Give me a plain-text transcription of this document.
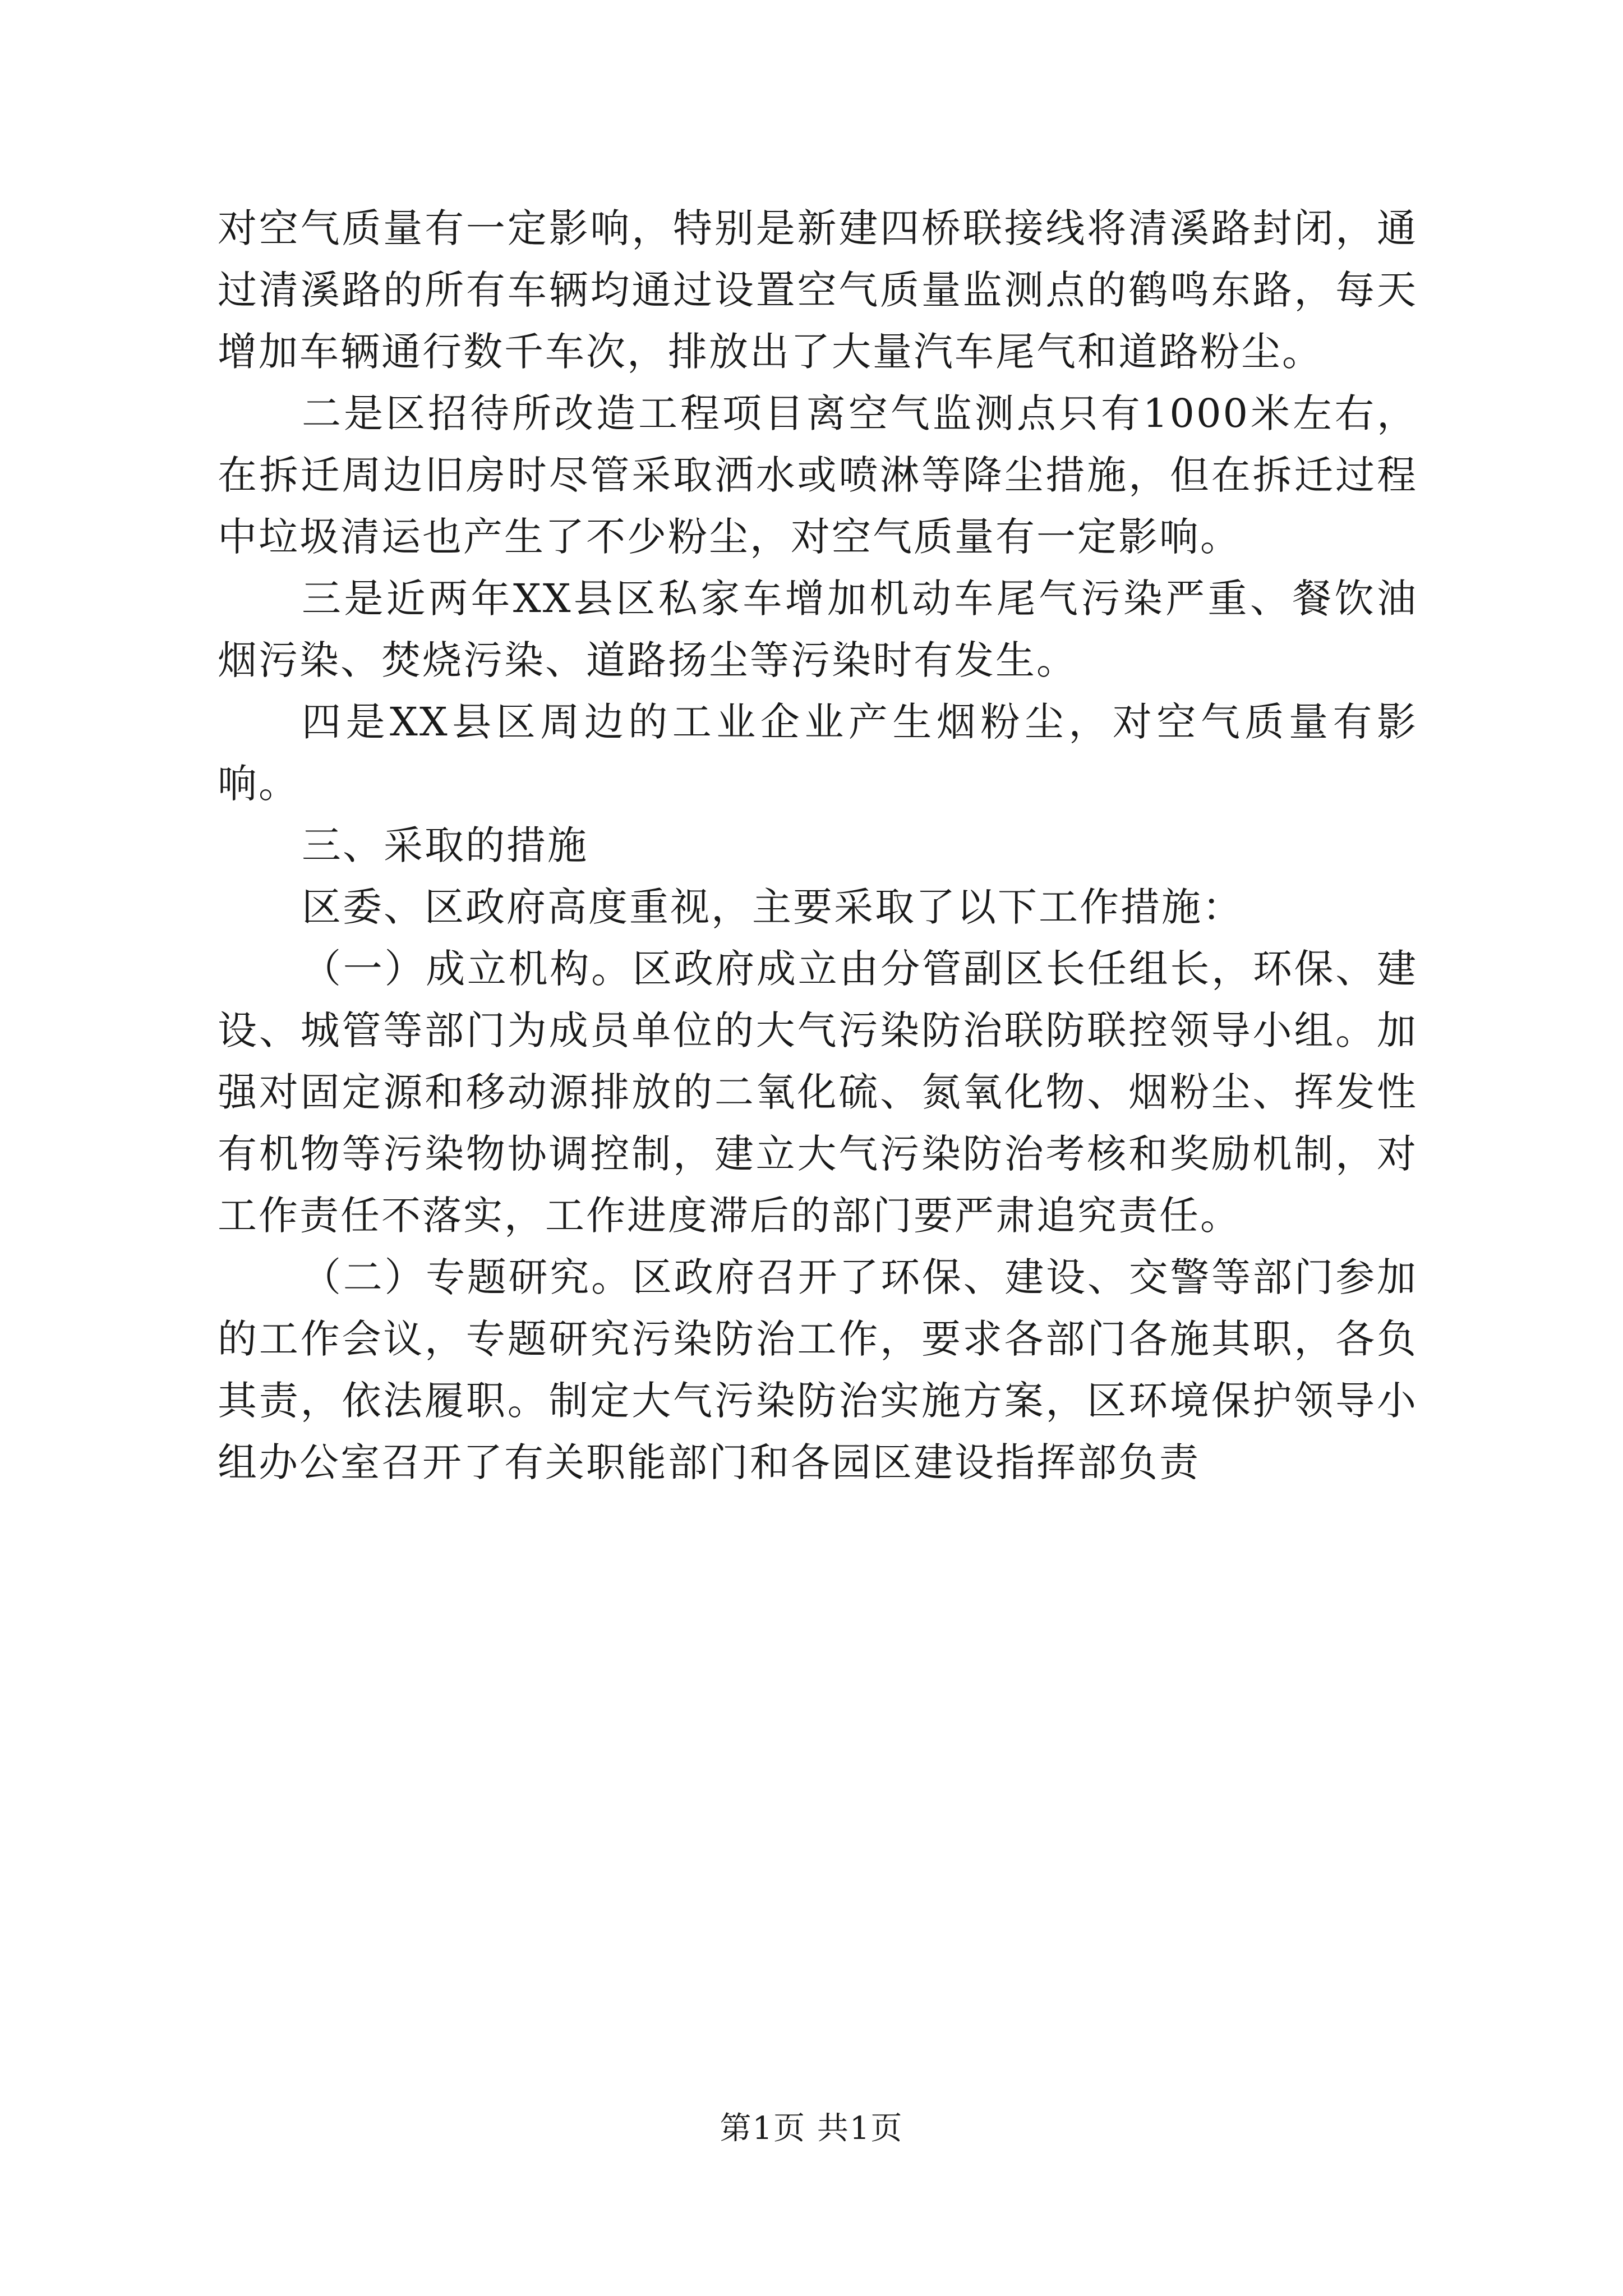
对空气质量有一定影响，特别是新建四桥联接线将清溪路封闭，通过清溪路的所有车辆均通过设置空气质量监测点的鹤鸣东路，每天增加车辆通行数千车次，排放出了大量汽车尾气和道路粉尘。

二是区招待所改造工程项目离空气监测点只有1000米左右，在拆迁周边旧房时尽管采取洒水或喷淋等降尘措施，但在拆迁过程中垃圾清运也产生了不少粉尘，对空气质量有一定影响。

三是近两年XX县区私家车增加机动车尾气污染严重、餐饮油烟污染、焚烧污染、道路扬尘等污染时有发生。

四是XX县区周边的工业企业产生烟粉尘，对空气质量有影响。

三、采取的措施

区委、区政府高度重视，主要采取了以下工作措施：

（一）成立机构。区政府成立由分管副区长任组长，环保、建设、城管等部门为成员单位的大气污染防治联防联控领导小组。加强对固定源和移动源排放的二氧化硫、氮氧化物、烟粉尘、挥发性有机物等污染物协调控制，建立大气污染防治考核和奖励机制，对工作责任不落实，工作进度滞后的部门要严肃追究责任。

（二）专题研究。区政府召开了环保、建设、交警等部门参加的工作会议，专题研究污染防治工作，要求各部门各施其职，各负其责，依法履职。制定大气污染防治实施方案，区环境保护领导小组办公室召开了有关职能部门和各园区建设指挥部负责

第1页 共1页
